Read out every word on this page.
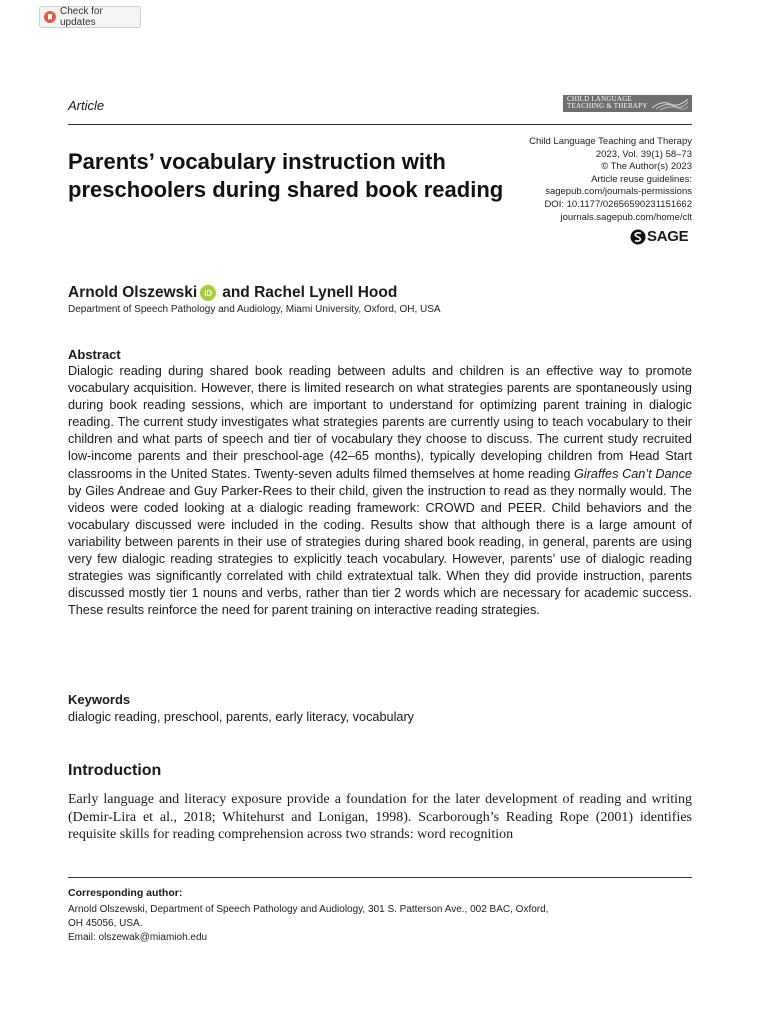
Check for updates
Article	CHILD LANGUAGE
TEACHING & THERAPY
Parents’ vocabulary instruction with preschoolers during shared book reading
Child Language Teaching and Therapy
2023, Vol. 39(1) 58–73
© The Author(s) 2023
Article reuse guidelines:
sagepub.com/journals-permissions
DOI: 10.1177/02656590231151662
journals.sagepub.com/home/clt
SAGE
Arnold Olszewski iD and Rachel Lynell Hood
Department of Speech Pathology and Audiology, Miami University, Oxford, OH, USA
Abstract

Dialogic reading during shared book reading between adults and children is an effective way to promote vocabulary acquisition. However, there is limited research on what strategies parents are spontaneously using during book reading sessions, which are important to understand for optimizing parent training in dialogic reading. The current study investigates what strategies parents are currently using to teach vocabulary to their children and what parts of speech and tier of vocabulary they choose to discuss. The current study recruited low-income parents and their preschool-age (42–65 months), typically developing children from Head Start classrooms in the United States. Twenty-seven adults filmed themselves at home reading Giraffes Can’t Dance by Giles Andreae and Guy Parker-Rees to their child, given the instruction to read as they normally would. The videos were coded looking at a dialogic reading framework: CROWD and PEER. Child behaviors and the vocabulary discussed were included in the coding. Results show that although there is a large amount of variability between parents in their use of strategies during shared book reading, in general, parents are using very few dialogic reading strategies to explicitly teach vocabulary. However, parents’ use of dialogic reading strategies was significantly correlated with child extratextual talk. When they did provide instruction, parents discussed mostly tier 1 nouns and verbs, rather than tier 2 words which are necessary for academic success. These results reinforce the need for parent training on interactive reading strategies.

Keywords
dialogic reading, preschool, parents, early literacy, vocabulary
Introduction

Early language and literacy exposure provide a foundation for the later development of reading and writing (Demir-Lira et al., 2018; Whitehurst and Lonigan, 1998). Scarborough’s Reading Rope (2001) identifies requisite skills for reading comprehension across two strands: word recognition

Corresponding author:
Arnold Olszewski, Department of Speech Pathology and Audiology, 301 S. Patterson Ave., 002 BAC, Oxford,
OH 45056, USA.
Email: olszewak@miamioh.edu
